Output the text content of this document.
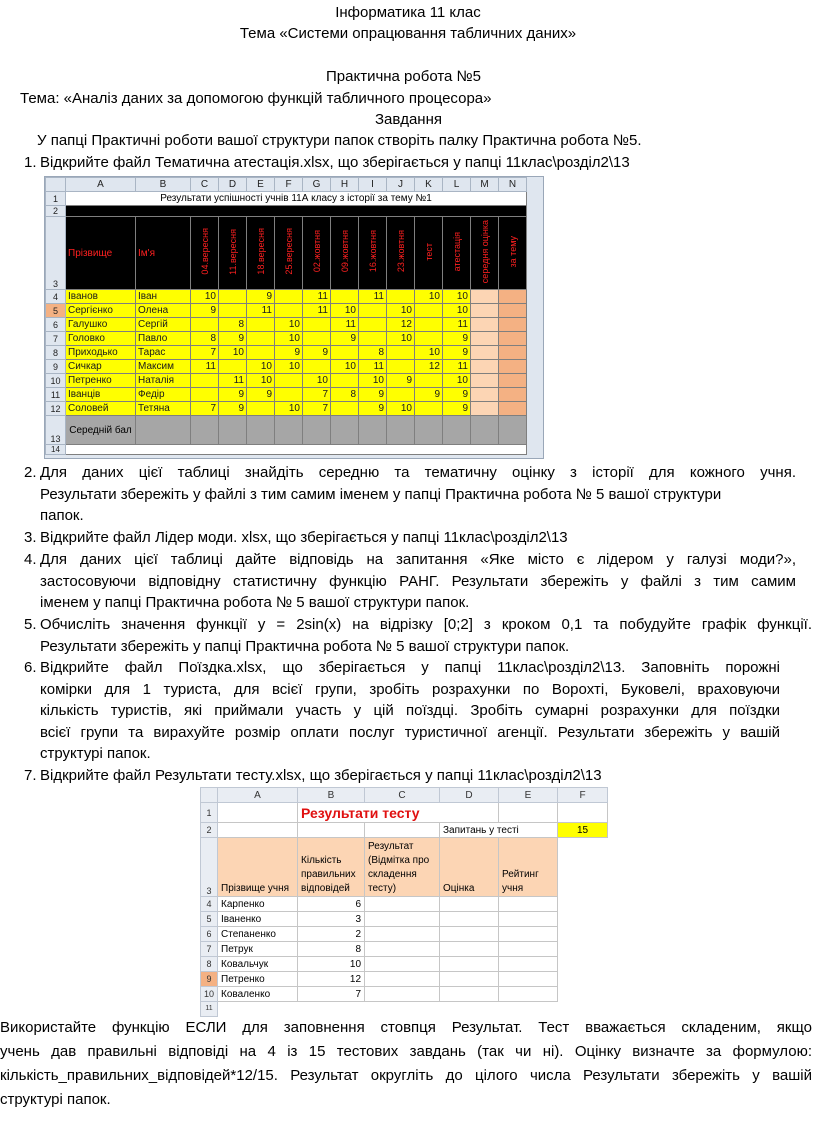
Інформатика 11 клас
Тема «Системи опрацювання табличних даних»
Практична робота №5
Тема: «Аналіз даних за допомогою функцій табличного процесора»
Завдання
У папці Практичні роботи вашої структури папок створіть палку Практична робота №5.
1. Відкрийте файл Тематична атестація.xlsx, що зберігається у папці 11клас\розділ2\13
	A	B	C	D	E	F	G	H	I	J	K	L	M	N
1	Результати успішності учнів 11А класу з історії за тему №1													
2														
3	Прізвище	Ім'я	04.вересня	11.вересня	18.вересня	25.вересня	02.жовтня	09.жовтня	16.жовтня	23.жовтня	тест	атестація	середня оцінка	за тему
4	Іванов	Іван	10		9		11		11		10	10		
5	Сергієнко	Олена	9		11		11	10		10		10		
6	Галушко	Сергій		8		10		11		12		11		
7	Головко	Павло	8	9		10		9		10		9		
8	Приходько	Тарас	7	10		9	9		8		10	9		
9	Сичкар	Максим	11		10	10		10	11		12	11		
10	Петренко	Наталія		11	10		10		10	9		10		
11	Іванців	Федір		9	9		7	8	9		9	9		
12	Соловей	Тетяна	7	9		10	7		9	10		9		
13	Середній бал													
14														
2. Для даних цієї таблиці знайдіть середню та тематичну оцінку з історії для кожного учня.
Результати збережіть у файлі з тим самим іменем у папці Практична робота № 5 вашої структури
папок.
3. Відкрийте файл Лідер моди. xlsx, що зберігається у папці 11клас\розділ2\13
4. Для даних цієї таблиці дайте відповідь на запитання «Яке місто є лідером у галузі моди?»,
застосовуючи відповідну статистичну функцію РАНГ. Результати збережіть у файлі з тим самим
іменем у папці Практична робота № 5 вашої структури папок.
5. Обчисліть значення функції y = 2sin(x) на відрізку [0;2] з кроком 0,1 та побудуйте графік функції.
Результати збережіть у папці Практична робота № 5 вашої структури папок.
6. Відкрийте файл Поїздка.xlsx, що зберігається у папці 11клас\розділ2\13. Заповніть порожні
комірки для 1 туриста, для всієї групи, зробіть розрахунки по Ворохті, Буковелі, враховуючи
кількість туристів, які приймали участь у цій поїздці. Зробіть сумарні розрахунки для поїздки
всієї групи та вирахуйте розмір оплати послуг туристичної агенції. Результати збережіть у вашій
структурі папок.
7. Відкрийте файл Результати тесту.xlsx, що зберігається у папці 11клас\розділ2\13
	A	B	C	D	E	F
1		Результати тесту				
2				Запитань у тесті		15
3	Прізвище учня	Кількість правильних відповідей	Результат (Відмітка про складення тесту)	Оцінка	Рейтинг учня	
4	Карпенко	6				
5	Іваненко	3				
6	Степаненко	2				
7	Петрук	8				
8	Ковальчук	10				
9	Петренко	12				
10	Коваленко	7				
11						
Використайте функцію ЕСЛИ для заповнення стовпця Результат. Тест вважається складеним, якщо
учень дав правильні відповіді на 4 із 15 тестових завдань (так чи ні). Оцінку визначте за формулою:
кількість_правильних_відповідей*12/15. Результат округліть до цілого числа Результати збережіть у вашій
структурі папок.
